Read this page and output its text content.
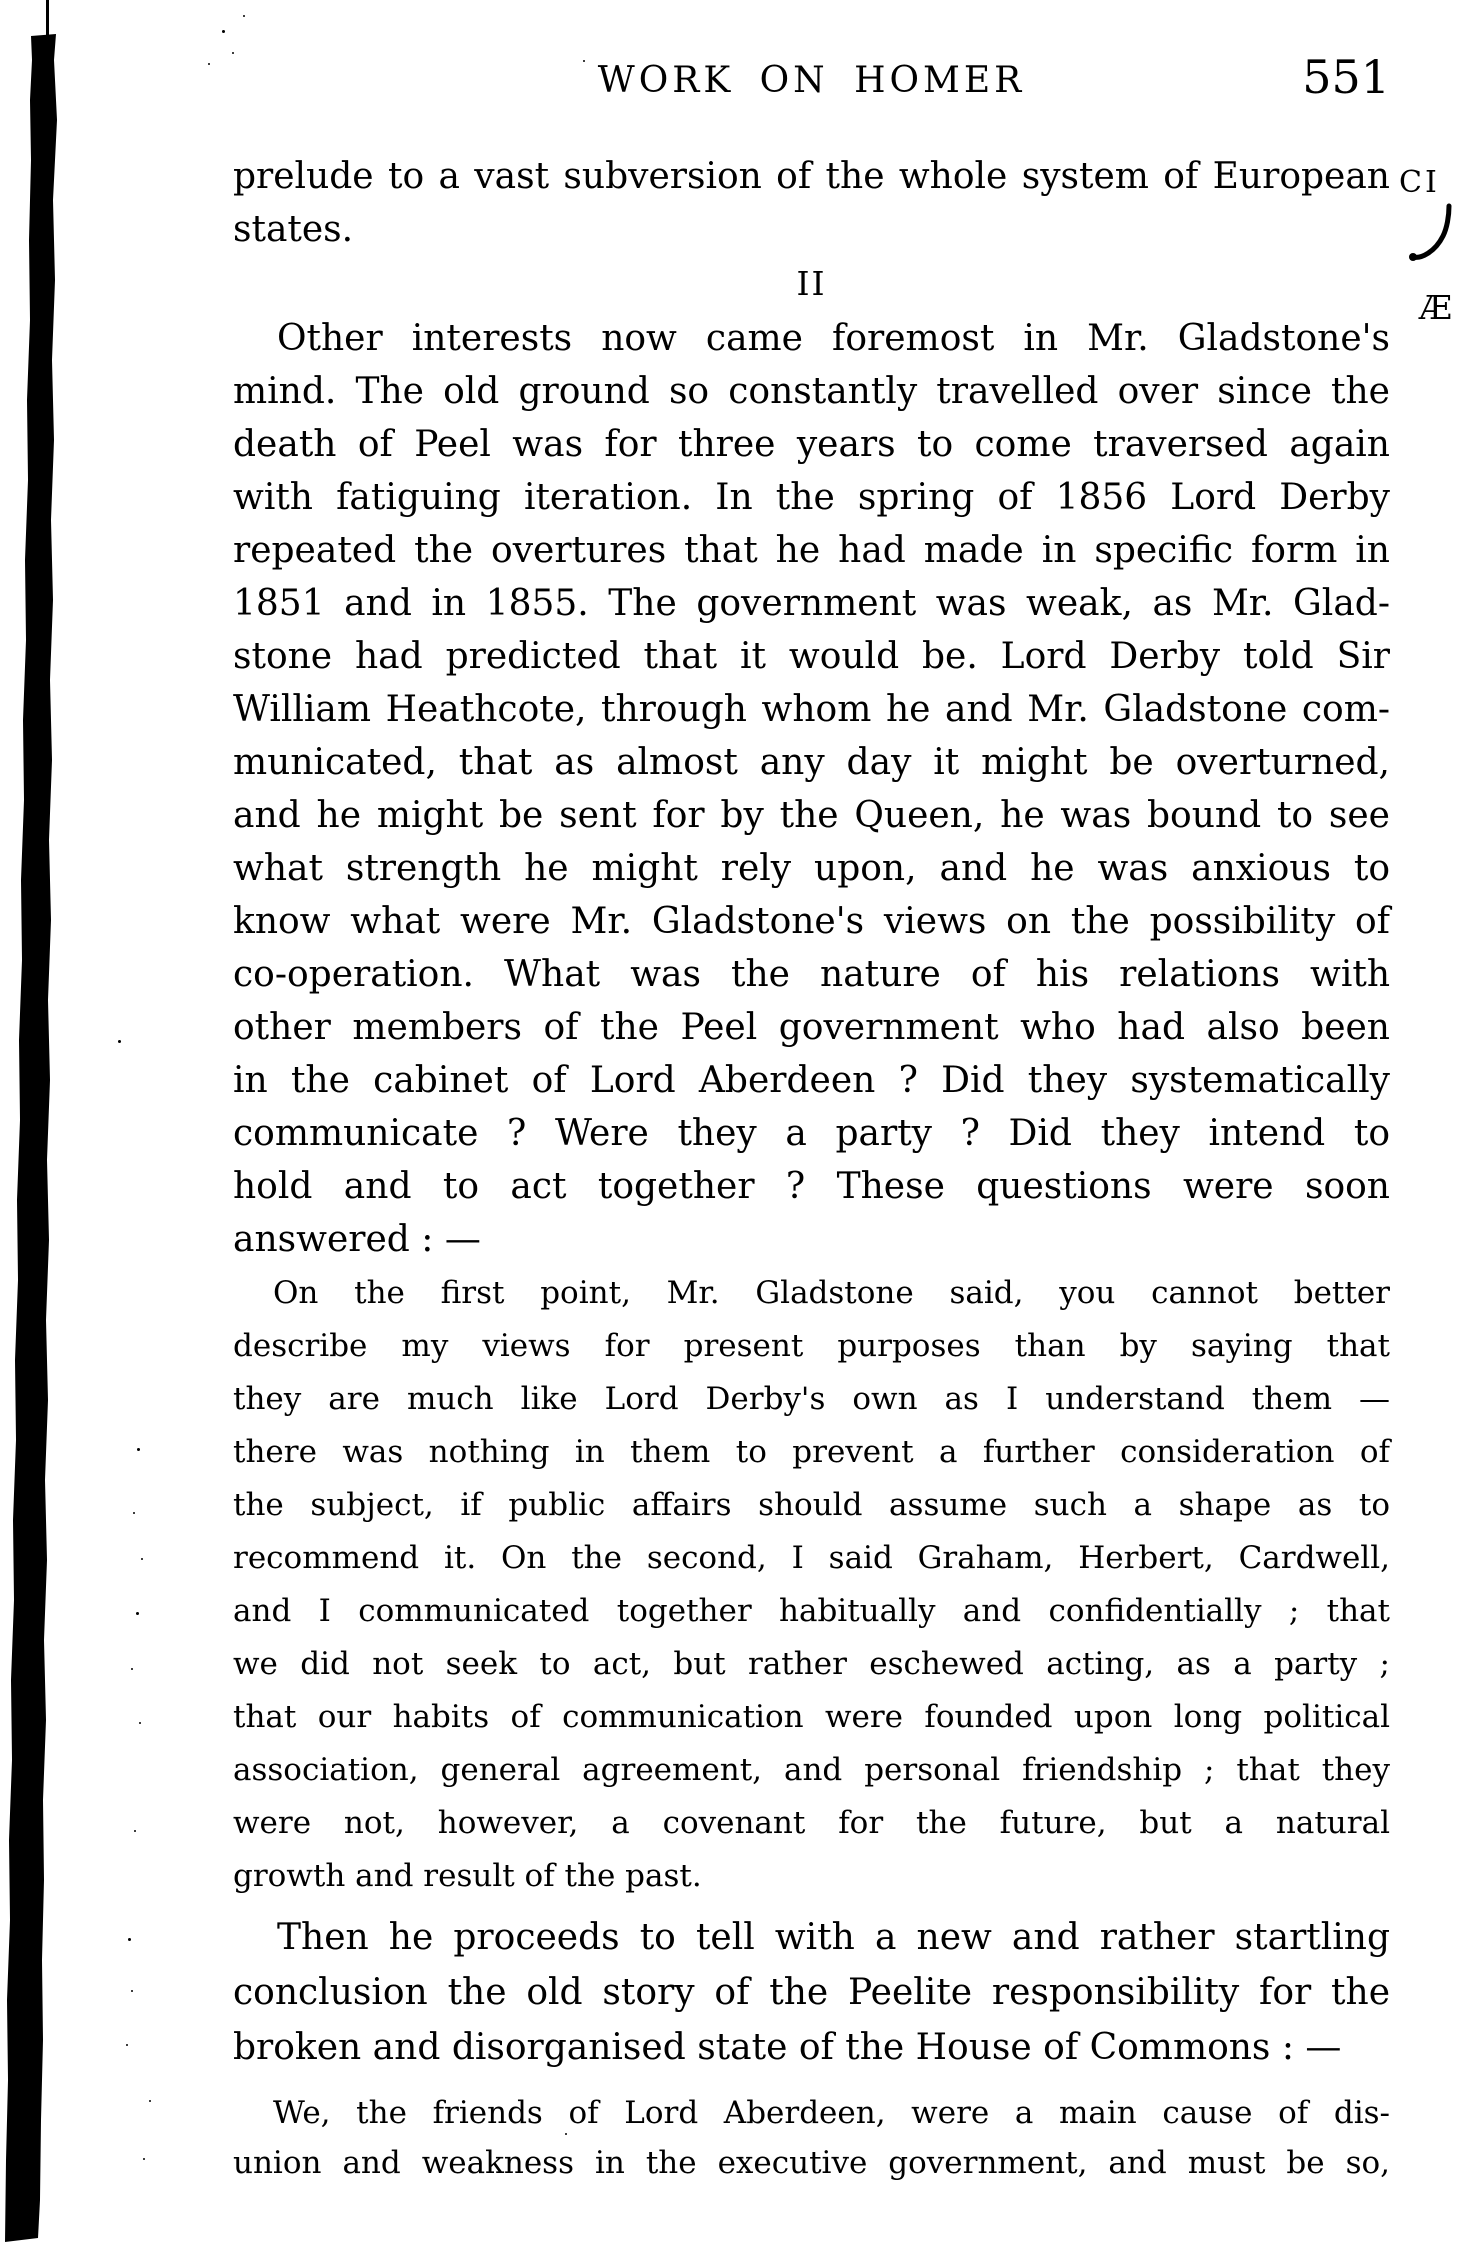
WORK ON HOMER	551
prelude to a vast subversion of the whole system of European
states.
CI
Æ
II
Other interests now came foremost in Mr. Gladstone's
mind. The old ground so constantly travelled over since the
death of Peel was for three years to come traversed again
with fatiguing iteration. In the spring of 1856 Lord Derby
repeated the overtures that he had made in specific form in
1851 and in 1855. The government was weak, as Mr. Glad-
stone had predicted that it would be. Lord Derby told Sir
William Heathcote, through whom he and Mr. Gladstone com-
municated, that as almost any day it might be overturned,
and he might be sent for by the Queen, he was bound to see
what strength he might rely upon, and he was anxious to
know what were Mr. Gladstone's views on the possibility of
co-operation. What was the nature of his relations with
other members of the Peel government who had also been
in the cabinet of Lord Aberdeen ? Did they systematically
communicate ? Were they a party ? Did they intend to
hold and to act together ? These questions were soon
answered : —
On the first point, Mr. Gladstone said, you cannot better
describe my views for present purposes than by saying that
they are much like Lord Derby's own as I understand them —
there was nothing in them to prevent a further consideration of
the subject, if public affairs should assume such a shape as to
recommend it. On the second, I said Graham, Herbert, Cardwell,
and I communicated together habitually and confidentially ; that
we did not seek to act, but rather eschewed acting, as a party ;
that our habits of communication were founded upon long political
association, general agreement, and personal friendship ; that they
were not, however, a covenant for the future, but a natural
growth and result of the past.
Then he proceeds to tell with a new and rather startling
conclusion the old story of the Peelite responsibility for the
broken and disorganised state of the House of Commons : —
We, the friends of Lord Aberdeen, were a main cause of dis-
union and weakness in the executive government, and must be so,
